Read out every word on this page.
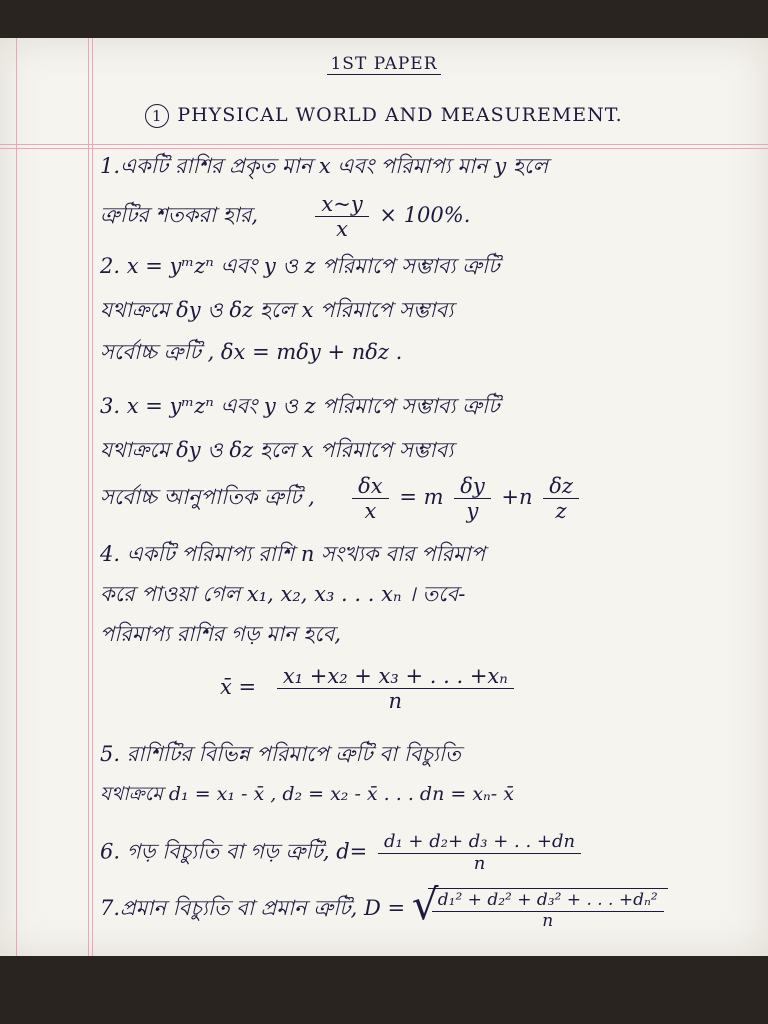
1ST PAPER
1 PHYSICAL WORLD AND MEASUREMENT.
1.একটি রাশির প্রকৃত মান x এবং পরিমাপ্য মান y হলে
ত্রুটির শতকরা হার,	$\frac{x\sim y}{x} \times 100\%$.
2. x = yᵐzⁿ এবং y ও z পরিমাপে সম্ভাব্য ত্রুটি
যথাক্রমে δy ও δz হলে x পরিমাপে সম্ভাব্য
সর্বোচ্চ ত্রুটি , δx = mδy + nδz .
3. x = yᵐzⁿ এবং y ও z পরিমাপে সম্ভাব্য ত্রুটি
যথাক্রমে δy ও δz হলে x পরিমাপে সম্ভাব্য
সর্বোচ্চ আনুপাতিক ত্রুটি , $\frac{\delta x}{x} = m \frac{\delta y}{y} +n \frac{\delta z}{z}$
4. একটি পরিমাপ্য রাশি n সংখ্যক বার পরিমাপ
করে পাওয়া গেল x₁, x₂, x₃ . . . xₙ । তবে-
পরিমাপ্য রাশির গড় মান হবে,
x̄ = $\frac{\text{x₁ +x₂ + x₃ + . . . +xₙ}}{n}$
5. রাশিটির বিভিন্ন পরিমাপে ত্রুটি বা বিচ্যুতি
যথাক্রমে d₁ = x₁ - x̄ , d₂ = x₂ - x̄ . . . dn = xₙ- x̄
6. গড় বিচ্যুতি বা গড় ত্রুটি, $d= \frac{\text{d₁ + d₂+ d₃ + . . +dn}}{n}$
7.প্রমান বিচ্যুতি বা প্রমান ত্রুটি, D = √
$\frac{\text{d₁² + d₂² + d₃² + . . . +dₙ²}}{n}$
